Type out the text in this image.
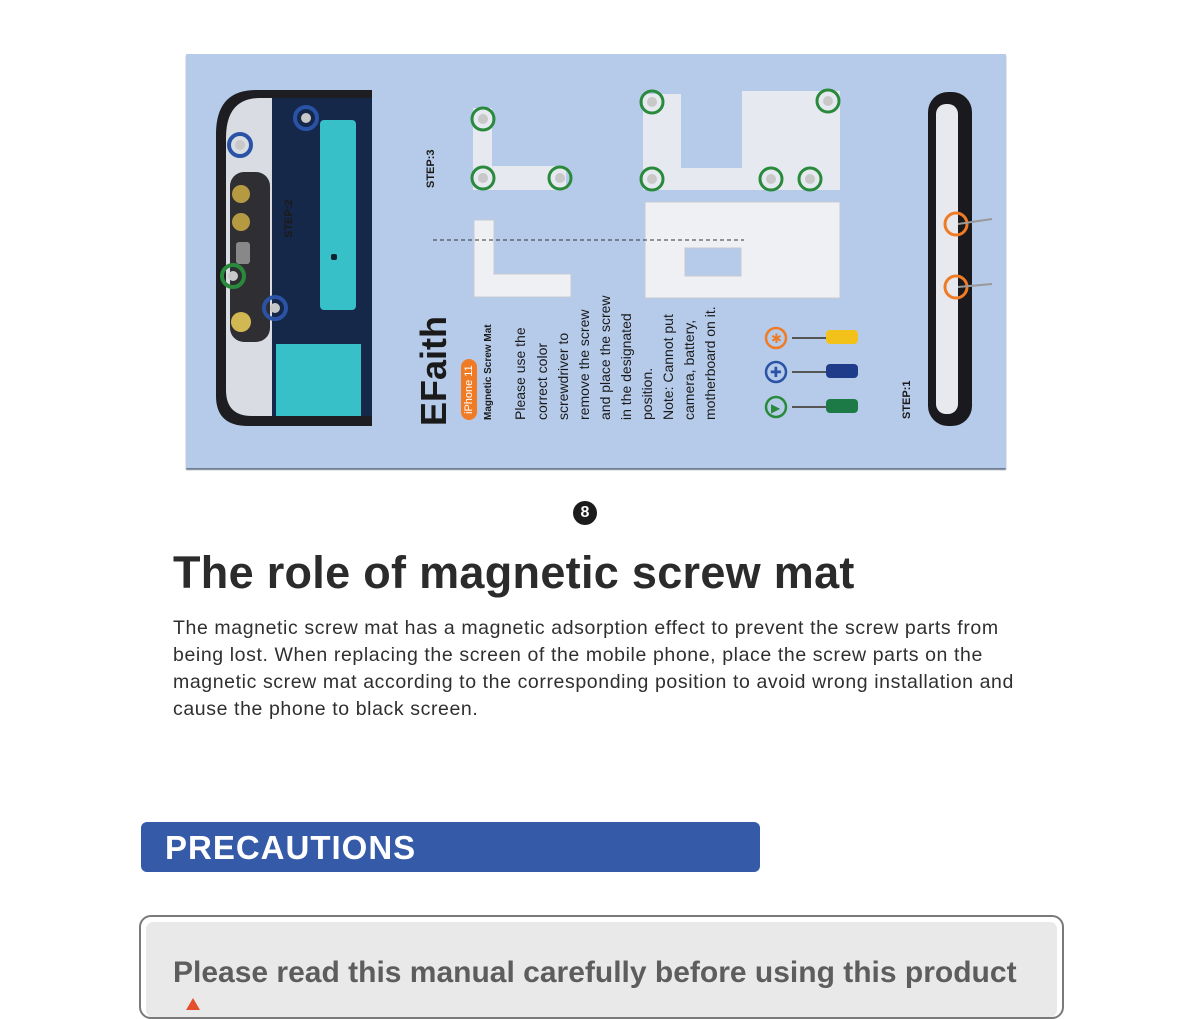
✱
✚
▶
STEP:2
STEP:3
STEP:1
EFaith iPhone 11 Magnetic Screw Mat Please use the correct color screwdriver to remove the screw and place the screw in the designated position. Note: Cannot put camera, battery, motherboard on it.
8
The role of magnetic screw mat

The magnetic screw mat has a magnetic adsorption effect to prevent the screw parts from being lost. When replacing the screen of the mobile phone, place the screw parts on the magnetic screw mat according to the corresponding position to avoid wrong installation and cause the phone to black screen.

PRECAUTIONS
Please read this manual carefully before using this product
